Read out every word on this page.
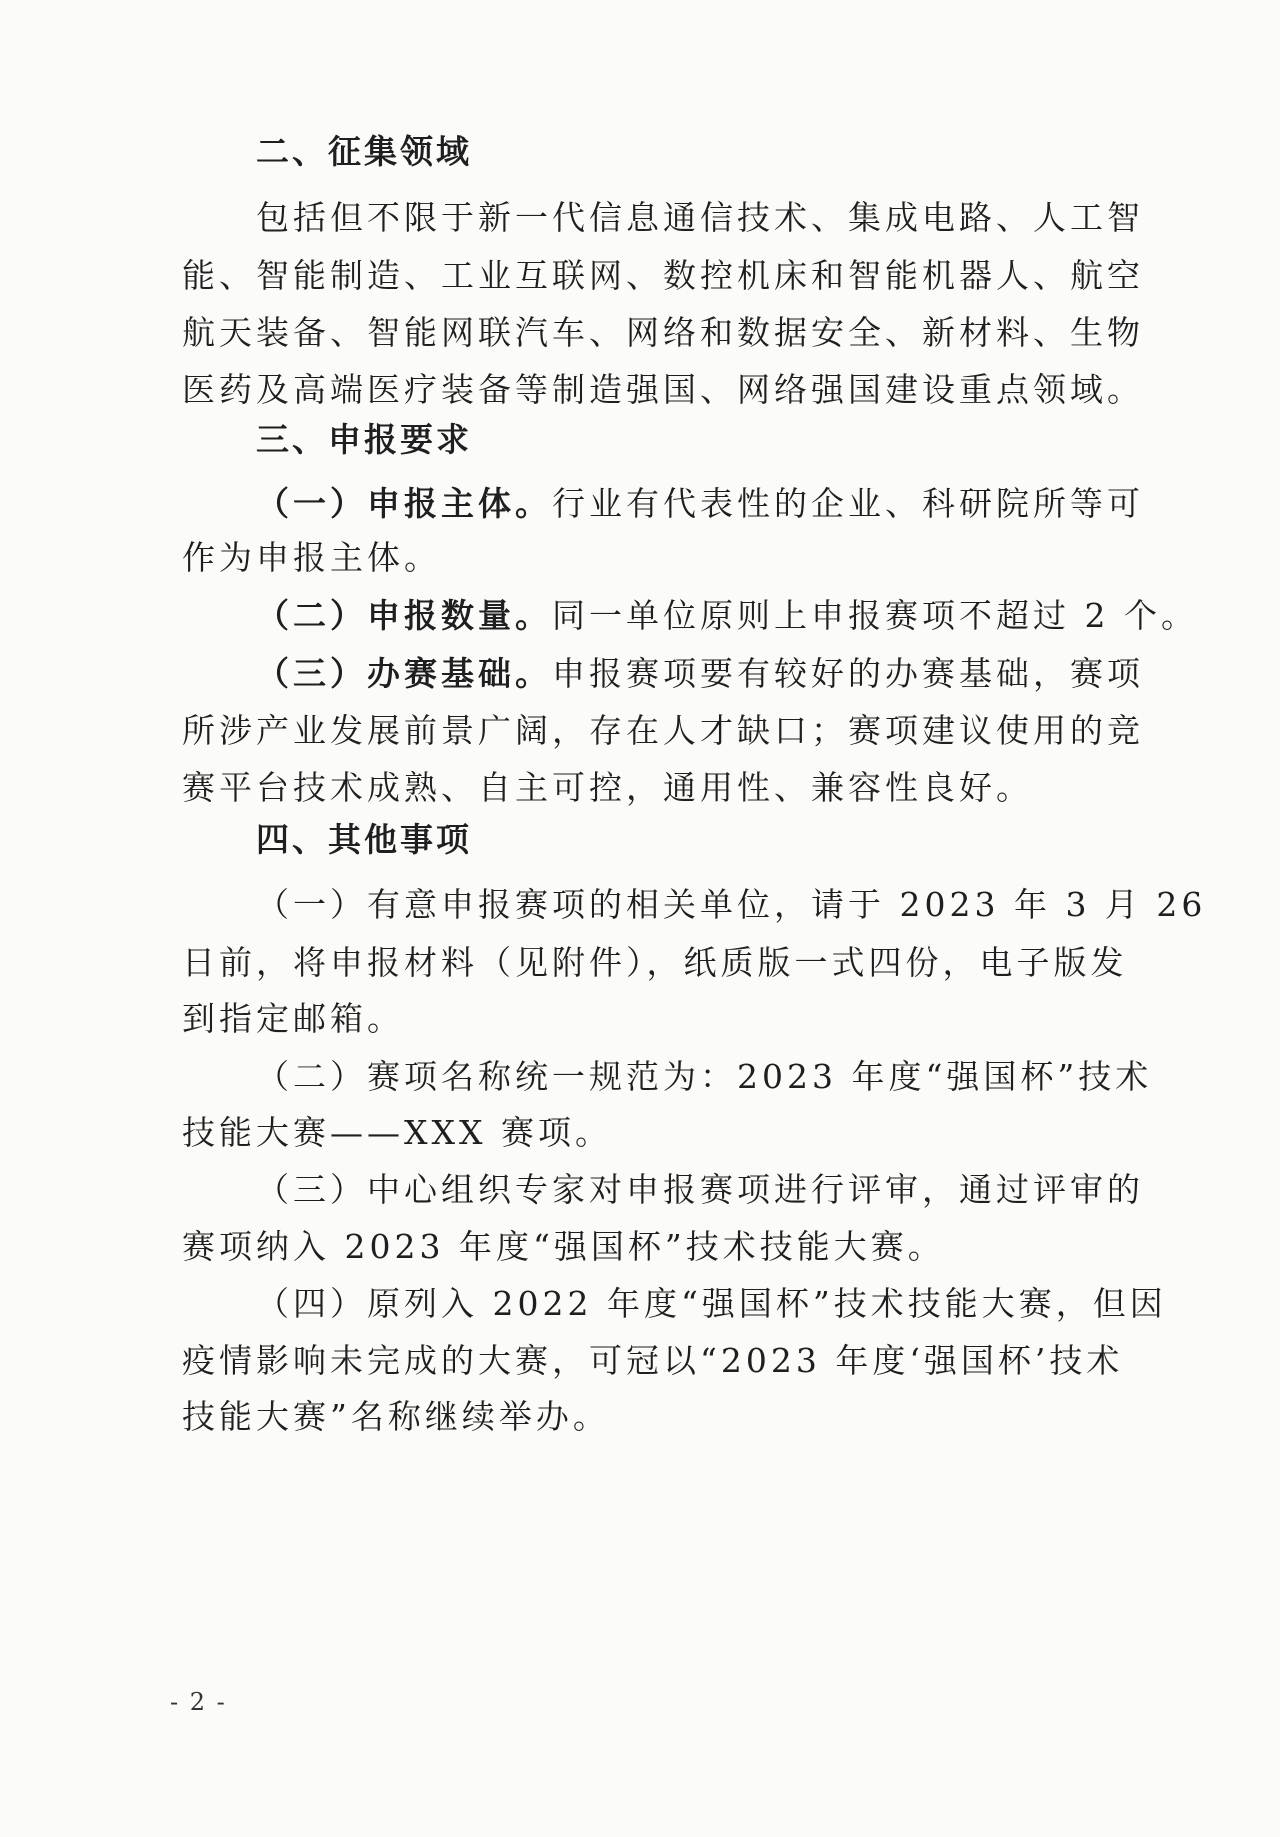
二、征集领域
包括但不限于新一代信息通信技术、集成电路、人工智
能、智能制造、工业互联网、数控机床和智能机器人、航空
航天装备、智能网联汽车、网络和数据安全、新材料、生物
医药及高端医疗装备等制造强国、网络强国建设重点领域。
三、申报要求
（一）申报主体。行业有代表性的企业、科研院所等可
作为申报主体。
（二）申报数量。同一单位原则上申报赛项不超过 2 个。
（三）办赛基础。申报赛项要有较好的办赛基础，赛项
所涉产业发展前景广阔，存在人才缺口；赛项建议使用的竞
赛平台技术成熟、自主可控，通用性、兼容性良好。
四、其他事项
（一）有意申报赛项的相关单位，请于 2023 年 3 月 26
日前，将申报材料（见附件），纸质版一式四份，电子版发
到指定邮箱。
（二）赛项名称统一规范为：2023 年度“强国杯”技术
技能大赛——XXX 赛项。
（三）中心组织专家对申报赛项进行评审，通过评审的
赛项纳入 2023 年度“强国杯”技术技能大赛。
（四）原列入 2022 年度“强国杯”技术技能大赛，但因
疫情影响未完成的大赛，可冠以“2023 年度‘强国杯’技术
技能大赛”名称继续举办。
- 2 -
